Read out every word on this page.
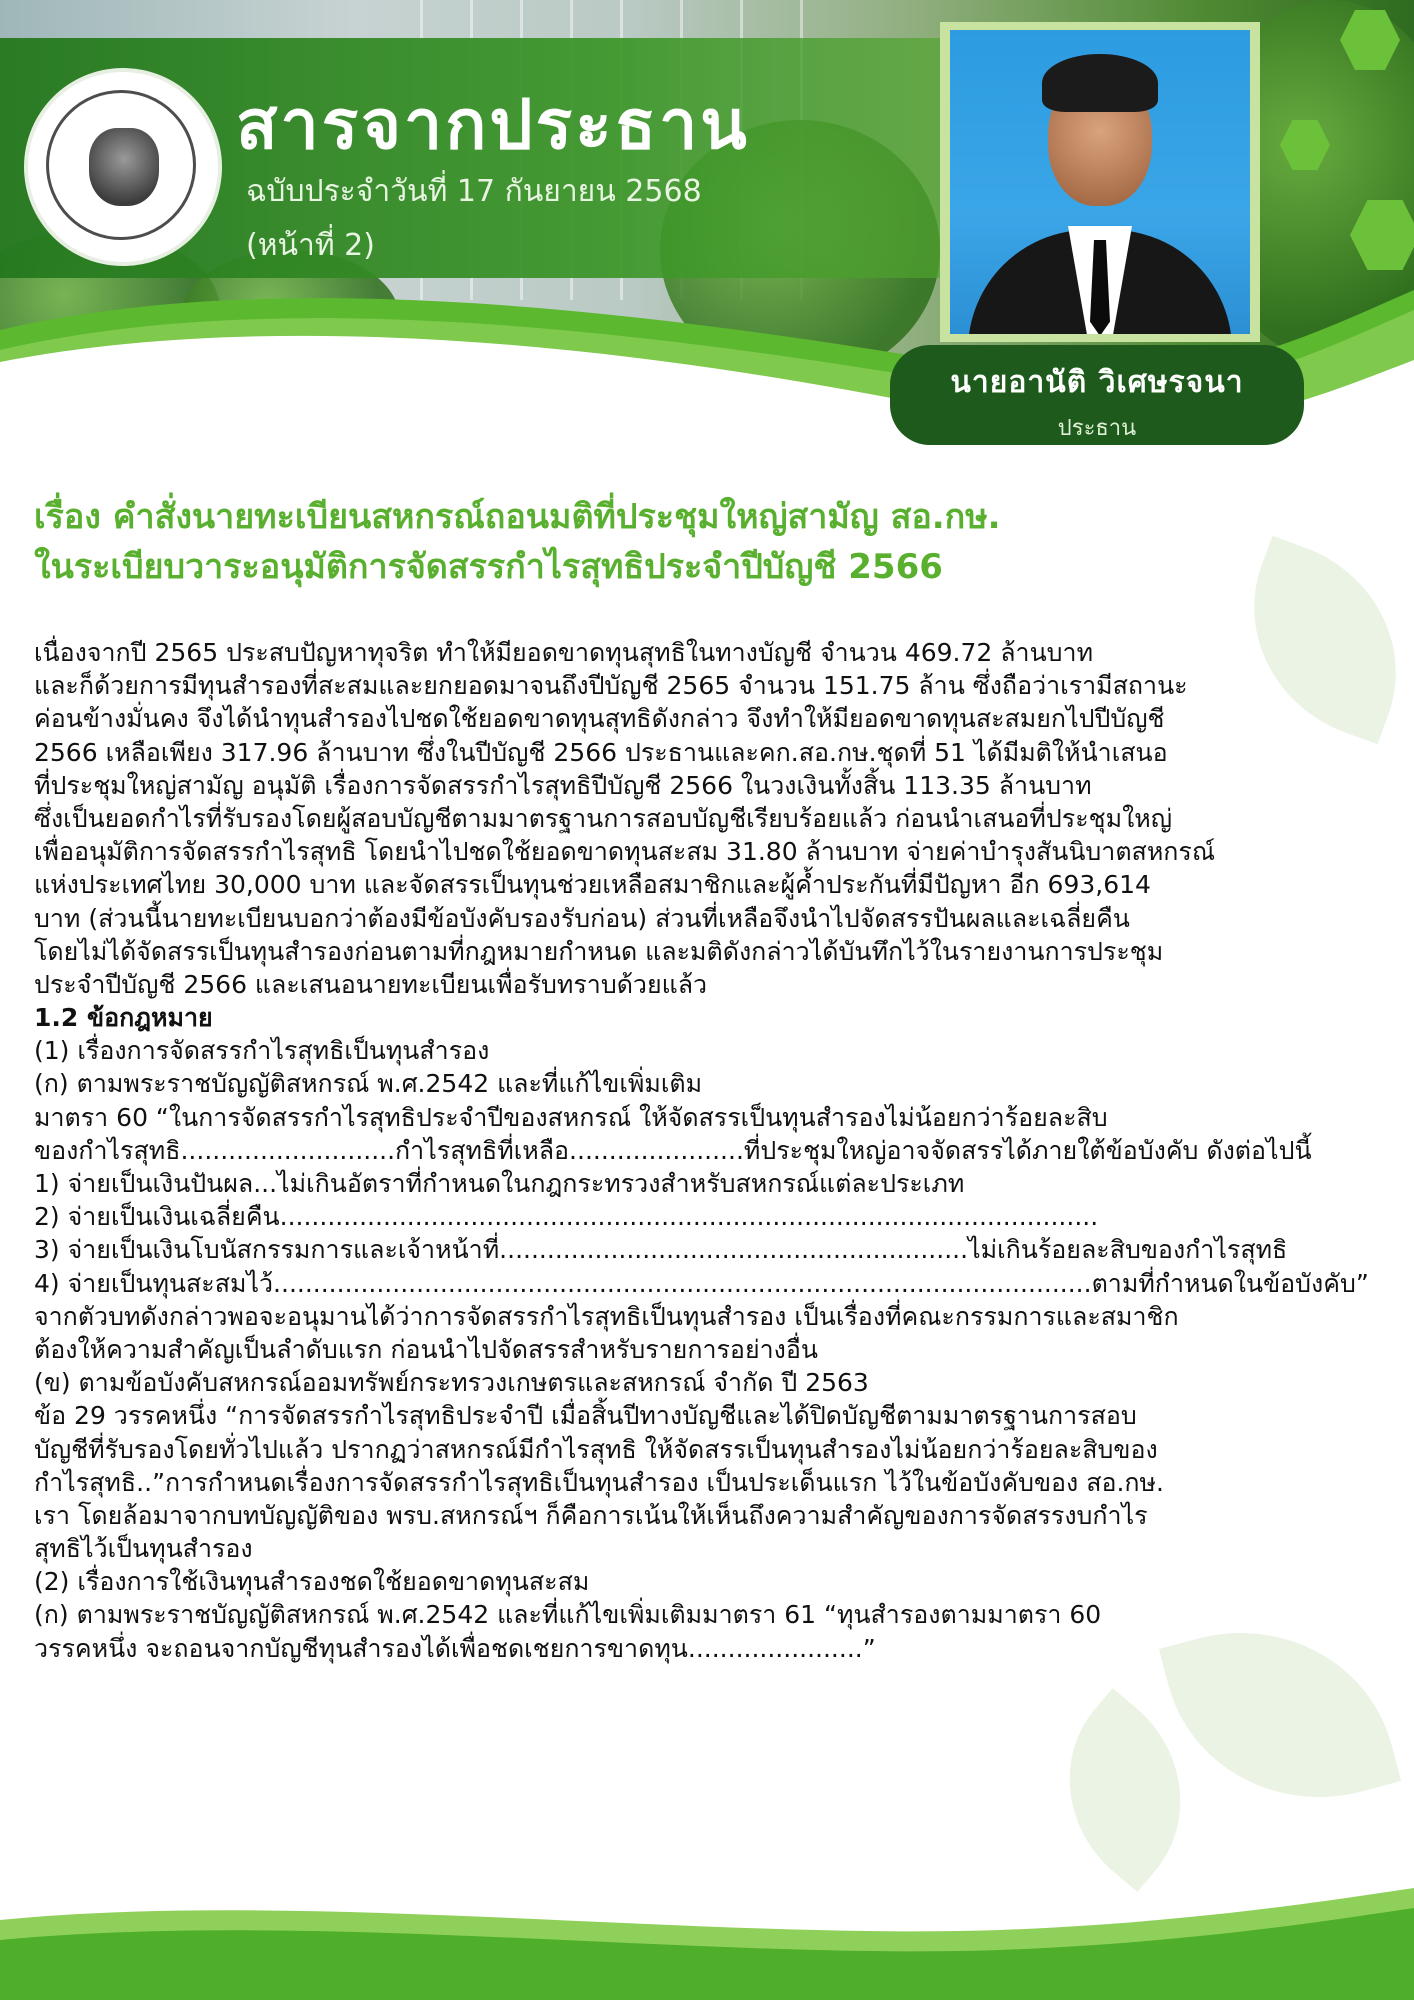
สารจากประธาน
ฉบับประจำวันที่ 17 กันยายน 2568
(หน้าที่ 2)
นายอานัติ วิเศษรจนา
ประธาน
เรื่อง คำสั่งนายทะเบียนสหกรณ์ถอนมติที่ประชุมใหญ่สามัญ สอ.กษ.
ในระเบียบวาระอนุมัติการจัดสรรกำไรสุทธิประจำปีบัญชี 2566
เนื่องจากปี 2565 ประสบปัญหาทุจริต ทำให้มียอดขาดทุนสุทธิในทางบัญชี จำนวน 469.72 ล้านบาท
และก็ด้วยการมีทุนสำรองที่สะสมและยกยอดมาจนถึงปีบัญชี 2565 จำนวน 151.75 ล้าน ซึ่งถือว่าเรามีสถานะ
ค่อนข้างมั่นคง จึงได้นำทุนสำรองไปชดใช้ยอดขาดทุนสุทธิดังกล่าว จึงทำให้มียอดขาดทุนสะสมยกไปปีบัญชี
2566 เหลือเพียง 317.96 ล้านบาท ซึ่งในปีบัญชี 2566 ประธานและคก.สอ.กษ.ชุดที่ 51 ได้มีมติให้นำเสนอ
ที่ประชุมใหญ่สามัญ อนุมัติ เรื่องการจัดสรรกำไรสุทธิปีบัญชี 2566 ในวงเงินทั้งสิ้น 113.35 ล้านบาท
ซึ่งเป็นยอดกำไรที่รับรองโดยผู้สอบบัญชีตามมาตรฐานการสอบบัญชีเรียบร้อยแล้ว ก่อนนำเสนอที่ประชุมใหญ่
เพื่ออนุมัติการจัดสรรกำไรสุทธิ โดยนำไปชดใช้ยอดขาดทุนสะสม 31.80 ล้านบาท จ่ายค่าบำรุงสันนิบาตสหกรณ์
แห่งประเทศไทย 30,000 บาท และจัดสรรเป็นทุนช่วยเหลือสมาชิกและผู้ค้ำประกันที่มีปัญหา อีก 693,614
บาท (ส่วนนี้นายทะเบียนบอกว่าต้องมีข้อบังคับรองรับก่อน) ส่วนที่เหลือจึงนำไปจัดสรรปันผลและเฉลี่ยคืน
โดยไม่ได้จัดสรรเป็นทุนสำรองก่อนตามที่กฎหมายกำหนด และมติดังกล่าวได้บันทึกไว้ในรายงานการประชุม
ประจำปีบัญชี 2566 และเสนอนายทะเบียนเพื่อรับทราบด้วยแล้ว
1.2 ข้อกฎหมาย
(1) เรื่องการจัดสรรกำไรสุทธิเป็นทุนสำรอง
(ก) ตามพระราชบัญญัติสหกรณ์ พ.ศ.2542 และที่แก้ไขเพิ่มเติม
มาตรา 60 “ในการจัดสรรกำไรสุทธิประจำปีของสหกรณ์ ให้จัดสรรเป็นทุนสำรองไม่น้อยกว่าร้อยละสิบ
ของกำไรสุทธิ...........................กำไรสุทธิที่เหลือ......................ที่ประชุมใหญ่อาจจัดสรรได้ภายใต้ข้อบังคับ ดังต่อไปนี้
1) จ่ายเป็นเงินปันผล...ไม่เกินอัตราที่กำหนดในกฎกระทรวงสำหรับสหกรณ์แต่ละประเภท
2) จ่ายเป็นเงินเฉลี่ยคืน.......................................................................................................
3) จ่ายเป็นเงินโบนัสกรรมการและเจ้าหน้าที่...........................................................ไม่เกินร้อยละสิบของกำไรสุทธิ
4) จ่ายเป็นทุนสะสมไว้.......................................................................................................ตามที่กำหนดในข้อบังคับ”
จากตัวบทดังกล่าวพอจะอนุมานได้ว่าการจัดสรรกำไรสุทธิเป็นทุนสำรอง เป็นเรื่องที่คณะกรรมการและสมาชิก
ต้องให้ความสำคัญเป็นลำดับแรก ก่อนนำไปจัดสรรสำหรับรายการอย่างอื่น
(ข) ตามข้อบังคับสหกรณ์ออมทรัพย์กระทรวงเกษตรและสหกรณ์ จำกัด ปี 2563
ข้อ 29 วรรคหนึ่ง “การจัดสรรกำไรสุทธิประจำปี เมื่อสิ้นปีทางบัญชีและได้ปิดบัญชีตามมาตรฐานการสอบ
บัญชีที่รับรองโดยทั่วไปแล้ว ปรากฏว่าสหกรณ์มีกำไรสุทธิ ให้จัดสรรเป็นทุนสำรองไม่น้อยกว่าร้อยละสิบของ
กำไรสุทธิ..”การกำหนดเรื่องการจัดสรรกำไรสุทธิเป็นทุนสำรอง เป็นประเด็นแรก ไว้ในข้อบังคับของ สอ.กษ.
เรา โดยล้อมาจากบทบัญญัติของ พรบ.สหกรณ์ฯ ก็คือการเน้นให้เห็นถึงความสำคัญของการจัดสรรงบกำไร
สุทธิไว้เป็นทุนสำรอง
(2) เรื่องการใช้เงินทุนสำรองชดใช้ยอดขาดทุนสะสม
(ก) ตามพระราชบัญญัติสหกรณ์ พ.ศ.2542 และที่แก้ไขเพิ่มเติมมาตรา 61 “ทุนสำรองตามมาตรา 60
วรรคหนึ่ง จะถอนจากบัญชีทุนสำรองได้เพื่อชดเชยการขาดทุน......................”
